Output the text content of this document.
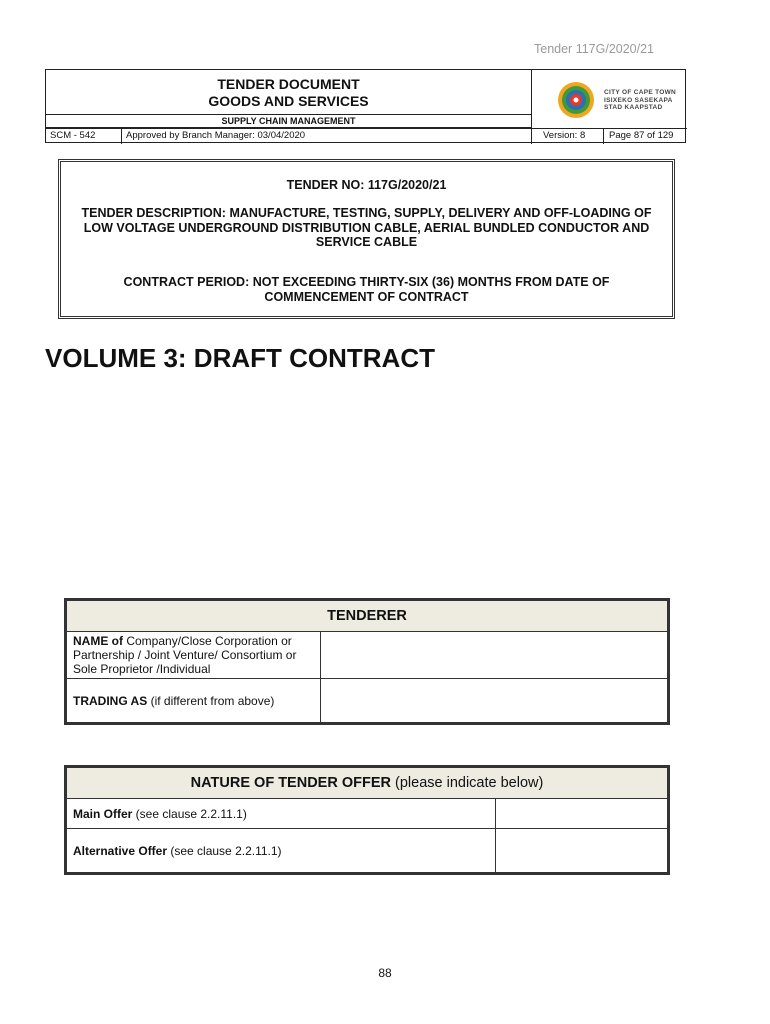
Tender 117G/2020/21
TENDER DOCUMENT
GOODS AND SERVICES
SUPPLY CHAIN MANAGEMENT
SCM - 542	Approved by Branch Manager: 03/04/2020	Version: 8	Page 87 of 129
CITY OF CAPE TOWN
ISIXEKO SASEKAPA
STAD KAAPSTAD
TENDER NO: 117G/2020/21
TENDER DESCRIPTION: MANUFACTURE, TESTING, SUPPLY, DELIVERY AND OFF-LOADING OF LOW VOLTAGE UNDERGROUND DISTRIBUTION CABLE, AERIAL BUNDLED CONDUCTOR AND SERVICE CABLE
CONTRACT PERIOD: NOT EXCEEDING THIRTY-SIX (36) MONTHS FROM DATE OF COMMENCEMENT OF CONTRACT
VOLUME 3: DRAFT CONTRACT
TENDERER	
NAME of Company/Close Corporation or Partnership / Joint Venture/ Consortium or Sole Proprietor /Individual	
TRADING AS (if different from above)	
NATURE OF TENDER OFFER (please indicate below)	
Main Offer (see clause 2.2.11.1)	
Alternative Offer (see clause 2.2.11.1)	
88
